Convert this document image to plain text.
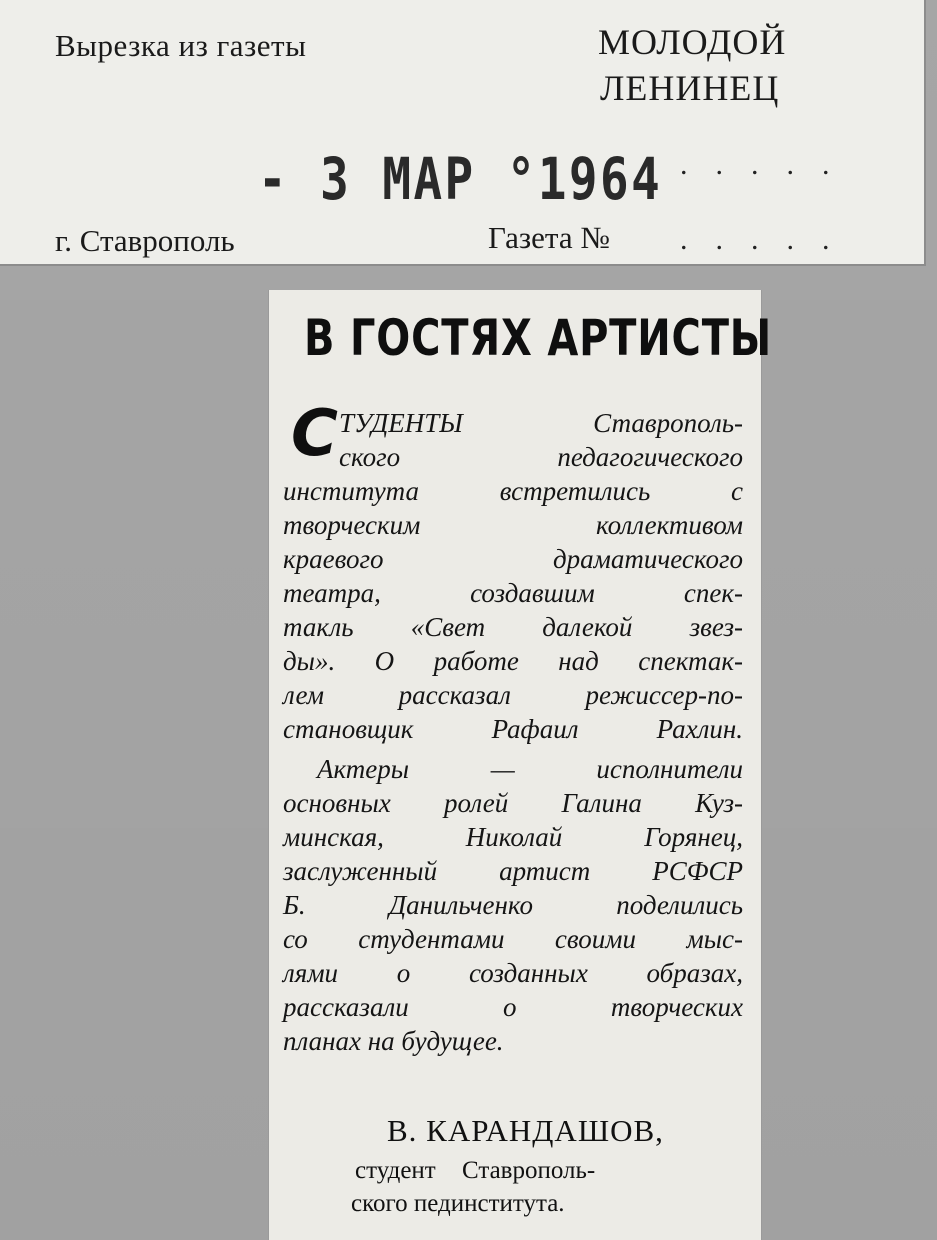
Вырезка из газеты	МОЛОДОЙ
ЛЕНИНЕЦ
- 3 МАР °1964 .....
г. Ставрополь	Газета № .....
В ГОСТЯХ АРТИСТЫ
С ТУДЕНТЫ Ставрополь-
ского педагогического
института встретились с
творческим коллективом
краевого драматического
театра, создавшим спек-
такль «Свет далекой звез-
ды». О работе над спектак-
лем рассказал режиссер-по-
становщик Рафаил Рахлин.
Актеры — исполнители
основных ролей Галина Куз-
минская, Николай Горянец,
заслуженный артист РСФСР
Б. Данильченко поделились
со студентами своими мыс-
лями о созданных образах,
рассказали о творческих
планах на будущее.
В. КАРАНДАШОВ,
студент Ставрополь-
ского пединститута.
